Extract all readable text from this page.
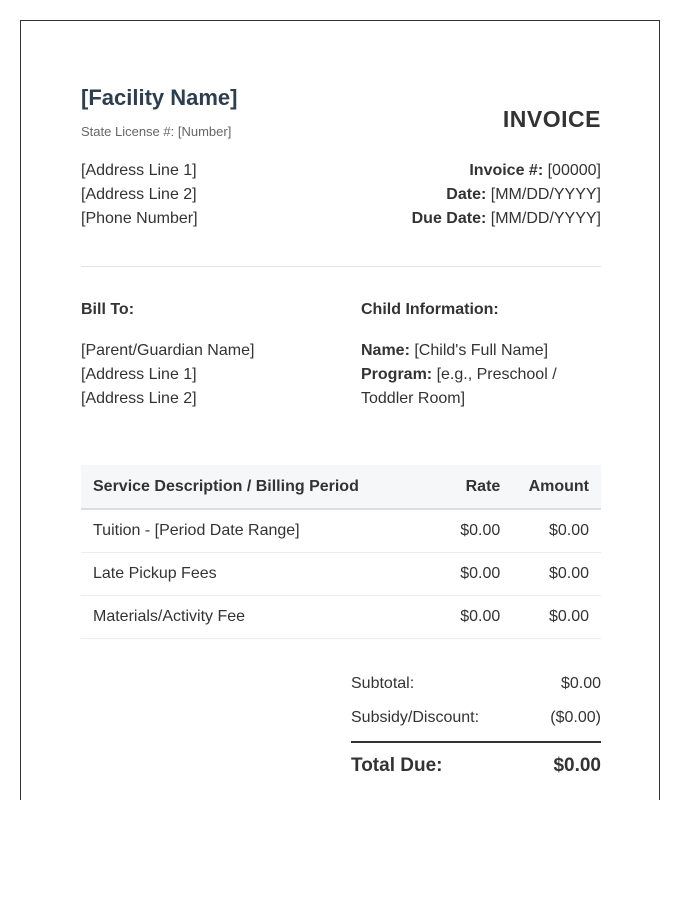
[Facility Name]
State License #: [Number]	INVOICE
[Address Line 1]
[Address Line 2]
[Phone Number]
Invoice #: [00000]
Date: [MM/DD/YYYY]
Due Date: [MM/DD/YYYY]
Bill To:	Child Information:
[Parent/Guardian Name]
[Address Line 1]
[Address Line 2]
Name: [Child's Full Name]
Program: [e.g., Preschool / Toddler Room]
Service Description / Billing Period	Rate	Amount
Tuition - [Period Date Range]	$0.00	$0.00
Late Pickup Fees	$0.00	$0.00
Materials/Activity Fee	$0.00	$0.00
Subtotal:	$0.00
Subsidy/Discount:	($0.00)
Total Due:	$0.00
